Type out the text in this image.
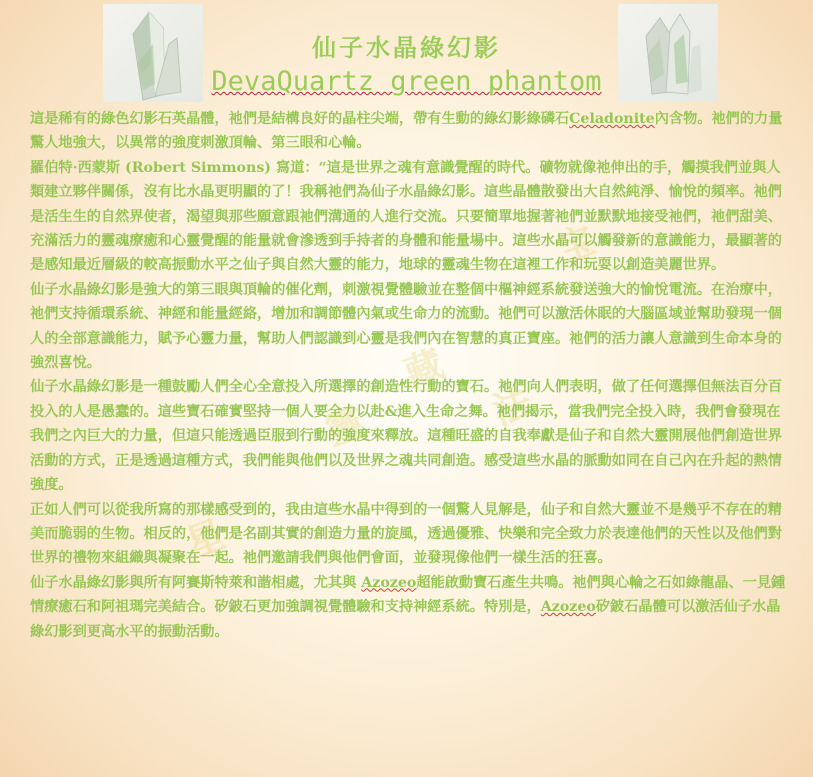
仙子水晶綠幻影
DevaQuartz green phantom
法
宝
藏
靈
星

這是稀有的綠色幻影石英晶體，祂們是結構良好的晶柱尖端，帶有生動的綠幻影綠磷石Celadonite內含物。祂們的力量驚人地強大，以異常的強度刺激頂輪、第三眼和心輪。

羅伯特·西蒙斯 (Robert Simmons) 寫道：“這是世界之魂有意識覺醒的時代。礦物就像祂伸出的手，觸摸我們並與人類建立夥伴關係，沒有比水晶更明顯的了！我稱祂們為仙子水晶綠幻影。這些晶體散發出大自然純淨、愉悅的頻率。祂們是活生生的自然界使者，渴望與那些願意跟祂們溝通的人進行交流。只要簡單地握著祂們並默默地接受祂們，祂們甜美、充滿活力的靈魂療癒和心靈覺醒的能量就會滲透到手持者的身體和能量場中。這些水晶可以觸發新的意識能力，最顯著的是感知最近層級的較高振動水平之仙子與自然大靈的能力，地球的靈魂生物在這裡工作和玩耍以創造美麗世界。

仙子水晶綠幻影是強大的第三眼與頂輪的催化劑，刺激視覺體驗並在整個中樞神經系統發送強大的愉悅電流。在治療中，祂們支持循環系統、神經和能量經絡，增加和調節體內氣或生命力的流動。祂們可以激活休眠的大腦區域並幫助發現一個人的全部意識能力，賦予心靈力量，幫助人們認識到心靈是我們內在智慧的真正寶座。祂們的活力讓人意識到生命本身的強烈喜悅。

仙子水晶綠幻影是一種鼓勵人們全心全意投入所選擇的創造性行動的寶石。祂們向人們表明，做了任何選擇但無法百分百投入的人是愚蠢的。這些寶石確實堅持一個人要全力以赴&進入生命之舞。祂們揭示，當我們完全投入時，我們會發現在我們之內巨大的力量，但這只能透過臣服到行動的強度來釋放。這種旺盛的自我奉獻是仙子和自然大靈開展他們創造世界活動的方式，正是透過這種方式，我們能與他們以及世界之魂共同創造。感受這些水晶的脈動如同在自己內在升起的熱情強度。

正如人們可以從我所寫的那樣感受到的，我由這些水晶中得到的一個驚人見解是，仙子和自然大靈並不是幾乎不存在的精美而脆弱的生物。相反的，他們是名副其實的創造力量的旋風，透過優雅、快樂和完全致力於表達他們的天性以及他們對世界的禮物來組織與凝聚在一起。祂們邀請我們與他們會面，並發現像他們一樣生活的狂喜。

仙子水晶綠幻影與所有阿賽斯特萊和諧相處，尤其與 Azozeo超能啟動寶石產生共鳴。祂們與心輪之石如綠龍晶、一見鍾情療癒石和阿祖瑪完美結合。矽鈹石更加強調視覺體驗和支持神經系統。特別是，Azozeo矽鈹石晶體可以激活仙子水晶綠幻影到更高水平的振動活動。
